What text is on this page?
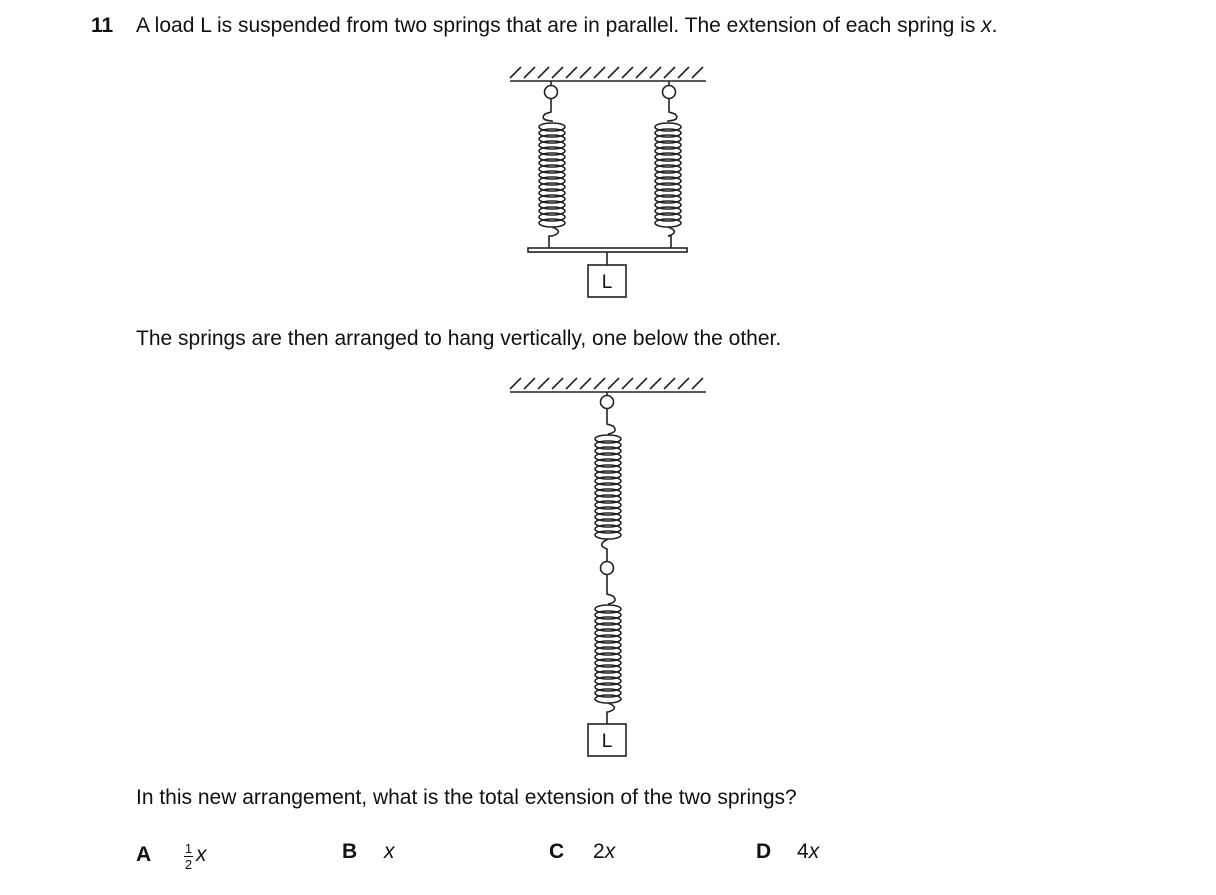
11 A load L is suspended from two springs that are in parallel. The extension of each spring is x.
L
The springs are then arranged to hang vertically, one below the other.
L
In this new arrangement, what is the total extension of the two springs?
A	$\frac{1}{2}$ x	B	x	C	2 x	D	4 x
